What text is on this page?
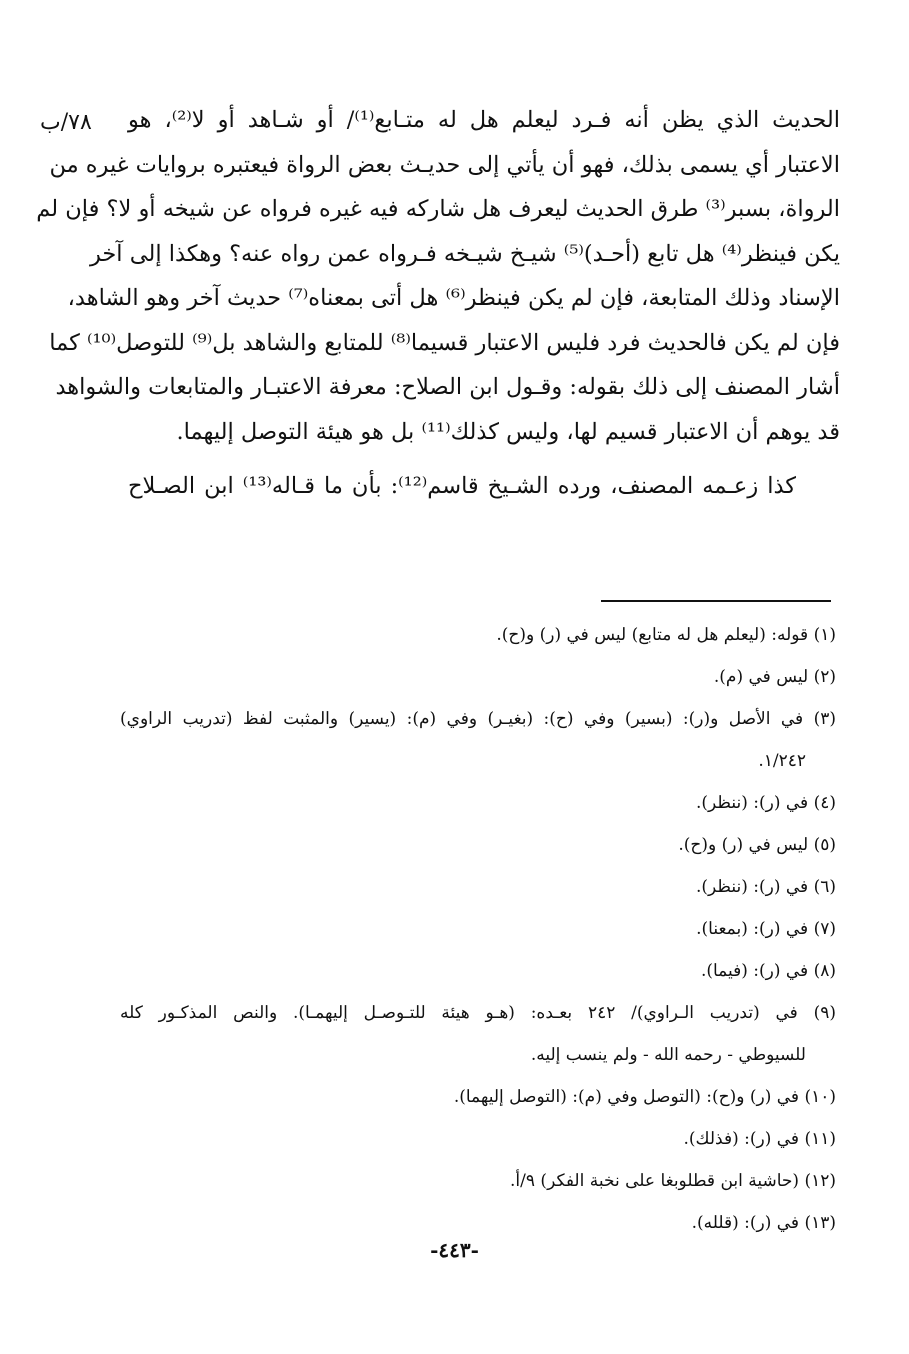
٧٨/ب الحديث الذي يظن أنه فـرد ليعلم هل له متـابع⁽¹⁾/ أو شـاهد أو لا⁽²⁾، هو
الاعتبار أي يسمى بذلك، فهو أن يأتي إلى حديـث بعض الرواة فيعتبره بروايات غيره من
الرواة، بسبر⁽³⁾ طرق الحديث ليعرف هل شاركه فيه غيره فرواه عن شيخه أو لا؟ فإن لم
يكن فينظر⁽⁴⁾ هل تابع (أحـد)⁽⁵⁾ شيـخ شيـخه فـرواه عمن رواه عنه؟ وهكذا إلى آخر
الإسناد وذلك المتابعة، فإن لم يكن فينظر⁽⁶⁾ هل أتى بمعناه⁽⁷⁾ حديث آخر وهو الشاهد،
فإن لم يكن فالحديث فرد فليس الاعتبار قسيما⁽⁸⁾ للمتابع والشاهد بل⁽⁹⁾ للتوصل⁽¹⁰⁾ كما
أشار المصنف إلى ذلك بقوله: وقـول ابن الصلاح: معرفة الاعتبـار والمتابعات والشواهد
قد يوهم أن الاعتبار قسيم لها، وليس كذلك⁽¹¹⁾ بل هو هيئة التوصل إليهما.
كذا زعـمه المصنف، ورده الشـيخ قاسم⁽¹²⁾: بأن ما قـاله⁽¹³⁾ ابن الصـلاح
(١) قوله: (ليعلم هل له متابع) ليس في (ر) و(ح).
(٢) ليس في (م).
(٣) في الأصل و(ر): (بسير) وفي (ح): (بغيـر) وفي (م): (يسير) والمثبت لفظ (تدريب الراوي)
١/٢٤٢.
(٤) في (ر): (ننظر).
(٥) ليس في (ر) و(ح).
(٦) في (ر): (ننظر).
(٧) في (ر): (بمعنا).
(٨) في (ر): (فيما).
(٩) في (تدريب الـراوي)/ ٢٤٢ بعـده: (هـو هيئة للتـوصـل إليهمـا). والنص المذكـور كله
للسيوطي - رحمه الله - ولم ينسب إليه.
(١٠) في (ر) و(ح): (التوصل وفي (م): (التوصل إليهما).
(١١) في (ر): (فذلك).
(١٢) (حاشية ابن قطلوبغا على نخبة الفكر) ٩/أ.
(١٣) في (ر): (قلله).
-٤٤٣-
